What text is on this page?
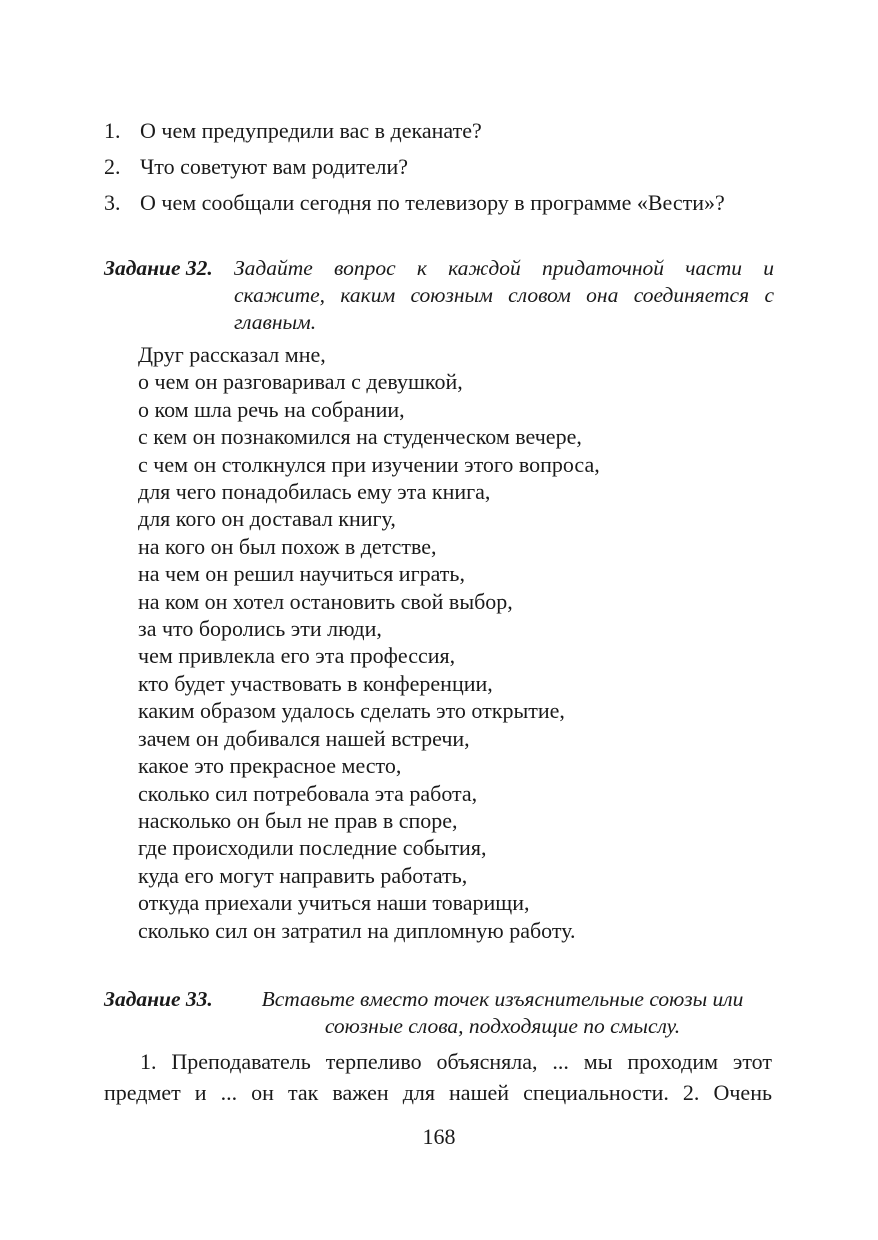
1. О чем предупредили вас в деканате?
2. Что советуют вам родители?
3. О чем сообщали сегодня по телевизору в программе «Вести»?
Задание 32. Задайте вопрос к каждой придаточной части и скажите, каким союзным словом она соединяется с главным.
Друг рассказал мне,
о чем он разговаривал с девушкой,
о ком шла речь на собрании,
с кем он познакомился на студенческом вечере,
с чем он столкнулся при изучении этого вопроса,
для чего понадобилась ему эта книга,
для кого он доставал книгу,
на кого он был похож в детстве,
на чем он решил научиться играть,
на ком он хотел остановить свой выбор,
за что боролись эти люди,
чем привлекла его эта профессия,
кто будет участвовать в конференции,
каким образом удалось сделать это открытие,
зачем он добивался нашей встречи,
какое это прекрасное место,
сколько сил потребовала эта работа,
насколько он был не прав в споре,
где происходили последние события,
куда его могут направить работать,
откуда приехали учиться наши товарищи,
сколько сил он затратил на дипломную работу.
Задание 33.	Вставьте вместо точек изъяснительные союзы или союзные слова, подходящие по смыслу.
1. Преподаватель терпеливо объясняла, ... мы проходим этот
предмет и ... он так важен для нашей специальности. 2. Очень
168
